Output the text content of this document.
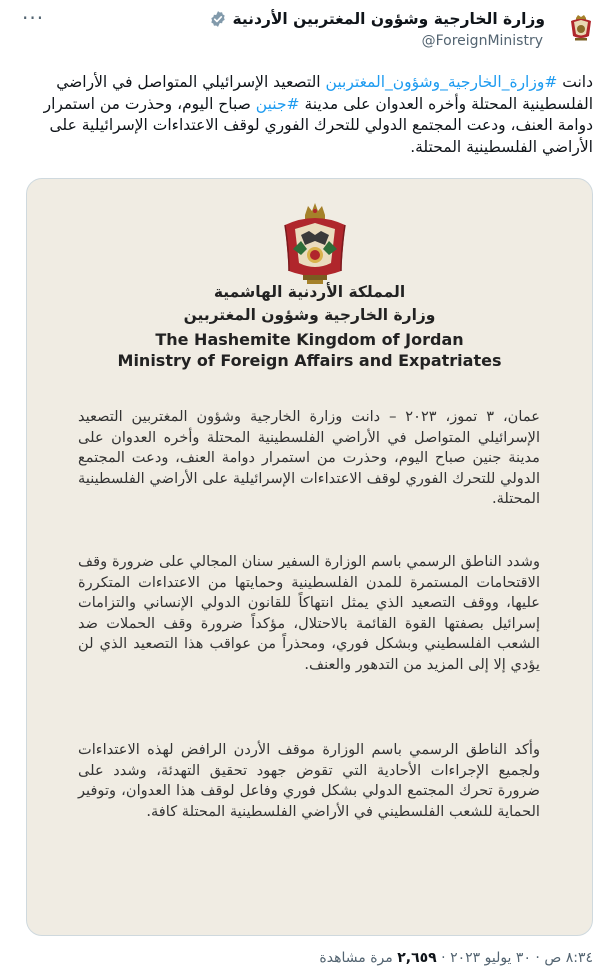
···	وزارة الخارجية وشؤون المغتربين الأردنية
@ForeignMinistry
دانت #وزارة_الخارجية_وشؤون_المغتربين التصعيد الإسرائيلي المتواصل في الأراضي الفلسطينية المحتلة وأخره العدوان على مدينة #جنين صباح اليوم، وحذرت من استمرار دوامة العنف، ودعت المجتمع الدولي للتحرك الفوري لوقف الاعتداءات الإسرائيلية على الأراضي الفلسطينية المحتلة.
المملكة الأردنية الهاشمية
وزارة الخارجية وشؤون المغتربين
The Hashemite Kingdom of Jordan
Ministry of Foreign Affairs and Expatriates
عمان، ٣ تموز، ٢٠٢٣ – دانت وزارة الخارجية وشؤون المغتربين التصعيد الإسرائيلي المتواصل في الأراضي الفلسطينية المحتلة وأخره العدوان على مدينة جنين صباح اليوم، وحذرت من استمرار دوامة العنف، ودعت المجتمع الدولي للتحرك الفوري لوقف الاعتداءات الإسرائيلية على الأراضي الفلسطينية المحتلة.
وشدد الناطق الرسمي باسم الوزارة السفير سنان المجالي على ضرورة وقف الاقتحامات المستمرة للمدن الفلسطينية وحمايتها من الاعتداءات المتكررة عليها، ووقف التصعيد الذي يمثل انتهاكاً للقانون الدولي الإنساني والتزامات إسرائيل بصفتها القوة القائمة بالاحتلال، مؤكداً ضرورة وقف الحملات ضد الشعب الفلسطيني وبشكل فوري، ومحذراً من عواقب هذا التصعيد الذي لن يؤدي إلا إلى المزيد من التدهور والعنف.
وأكد الناطق الرسمي باسم الوزارة موقف الأردن الرافض لهذه الاعتداءات ولجميع الإجراءات الأحادية التي تقوض جهود تحقيق التهدئة، وشدد على ضرورة تحرك المجتمع الدولي بشكل فوري وفاعل لوقف هذا العدوان، وتوفير الحماية للشعب الفلسطيني في الأراضي الفلسطينية المحتلة كافة.
٨:٣٤ ص · ٣٠ يوليو ٢٠٢٣ · ٢,٦٥٩ مرة مشاهدة
